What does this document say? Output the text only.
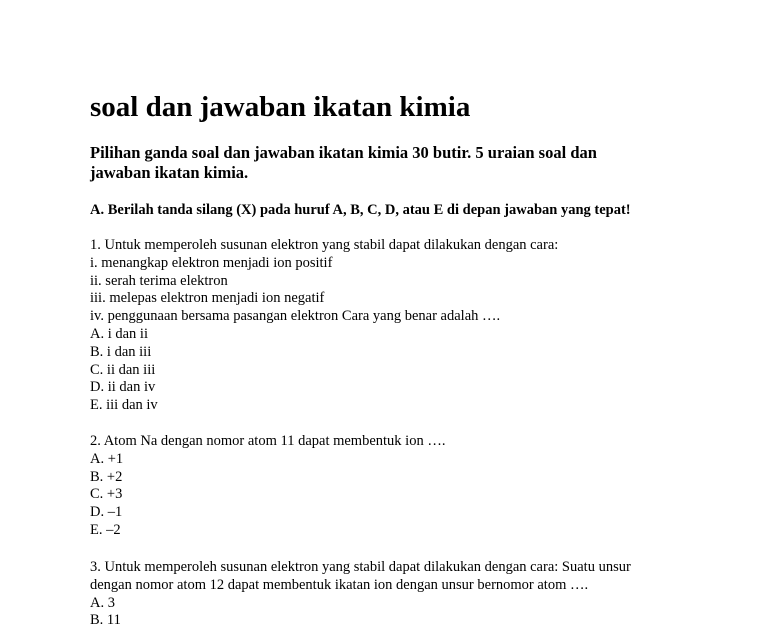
soal dan jawaban ikatan kimia

Pilihan ganda soal dan jawaban ikatan kimia 30 butir. 5 uraian soal dan jawaban ikatan kimia.

A. Berilah tanda silang (X) pada huruf A, B, C, D, atau E di depan jawaban yang tepat!

1. Untuk memperoleh susunan elektron yang stabil dapat dilakukan dengan cara:
i. menangkap elektron menjadi ion positif
ii. serah terima elektron
iii. melepas elektron menjadi ion negatif
iv. penggunaan bersama pasangan elektron Cara yang benar adalah ….
A. i dan ii
B. i dan iii
C. ii dan iii
D. ii dan iv
E. iii dan iv
2. Atom Na dengan nomor atom 11 dapat membentuk ion ….
A. +1
B. +2
C. +3
D. –1
E. –2
3. Untuk memperoleh susunan elektron yang stabil dapat dilakukan dengan cara: Suatu unsur dengan nomor atom 12 dapat membentuk ikatan ion dengan unsur bernomor atom ….
A. 3
B. 11
